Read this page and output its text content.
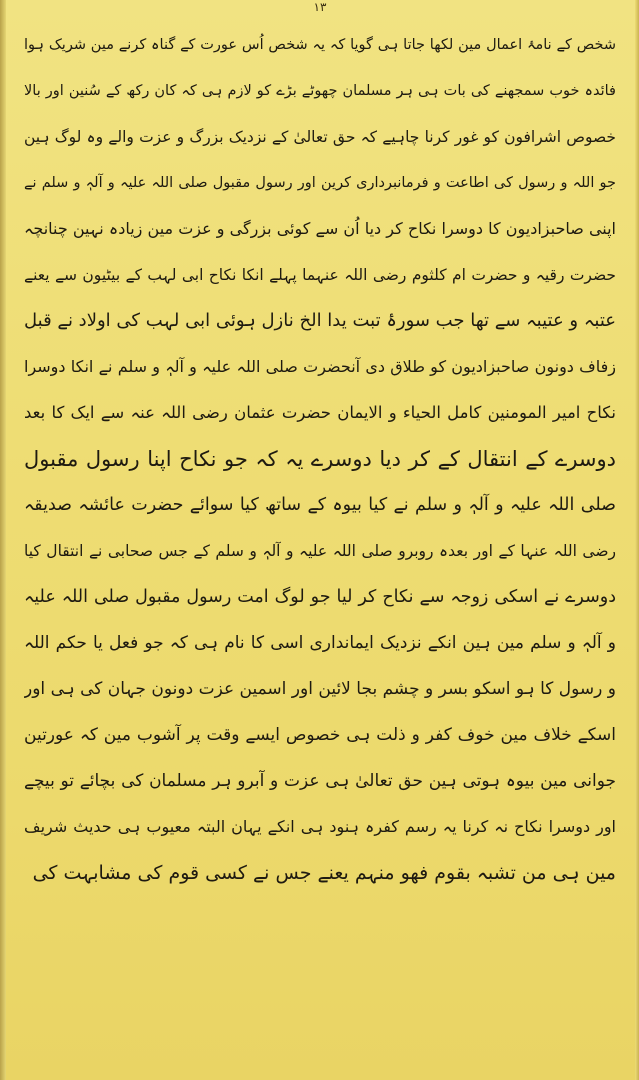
١٣
شخص کے نامۂ اعمال مین لکھا جاتا ہی گویا کہ یہ شخص اُس عورت کے گناہ کرنے مین شریک ہوا
فائدہ خوب سمجھنے کی بات ہی ہر مسلمان چھوٹے بڑے کو لازم ہی کہ کان رکھ کے سُنین اور بالا
خصوص اشرافون کو غور کرنا چاہیے کہ حق تعالیٰ کے نزدیک بزرگ و عزت والے وہ لوگ ہین
جو اللہ و رسول کی اطاعت و فرمانبرداری کرین اور رسول مقبول صلی اللہ علیہ و آلہٖ و سلم نے
اپنی صاحبزادیون کا دوسرا نکاح کر دیا اُن سے کوئی بزرگی و عزت مین زیادہ نہین چنانچہ
حضرت رقیہ و حضرت ام کلثوم رضی اللہ عنہما پہلے انکا نکاح ابی لہب کے بیٹیون سے یعنے
عتبہ و عتیبہ سے تھا جب سورۂ تبت یدا الخ نازل ہوئی ابی لہب کی اولاد نے قبل
زفاف دونون صاحبزادیون کو طلاق دی آنحضرت صلی اللہ علیہ و آلہٖ و سلم نے انکا دوسرا
نکاح امیر المومنین کامل الحیاء و الایمان حضرت عثمان رضی اللہ عنہ سے ایک کا بعد
دوسرے کے انتقال کے کر دیا دوسرے یہ کہ جو نکاح اپنا رسول مقبول
صلی اللہ علیہ و آلہٖ و سلم نے کیا بیوہ کے ساتھ کیا سوائے حضرت عائشہ صدیقہ
رضی اللہ عنہا کے اور بعدہ روبرو صلی اللہ علیہ و آلہٖ و سلم کے جس صحابی نے انتقال کیا
دوسرے نے اسکی زوجہ سے نکاح کر لیا جو لوگ امت رسول مقبول صلی اللہ علیہ
و آلہٖ و سلم مین ہین انکے نزدیک ایمانداری اسی کا نام ہی کہ جو فعل یا حکم اللہ
و رسول کا ہو اسکو بسر و چشم بجا لائین اور اسمین عزت دونون جہان کی ہی اور
اسکے خلاف مین خوف کفر و ذلت ہی خصوص ایسے وقت پر آشوب مین کہ عورتین
جوانی مین بیوہ ہوتی ہین حق تعالیٰ ہی عزت و آبرو ہر مسلمان کی بچائے تو بیچے
اور دوسرا نکاح نہ کرنا یہ رسم کفرہ ہنود ہی انکے یہان البتہ معیوب ہی حدیث شریف
مین ہی من تشبہ بقوم فھو منہم یعنے جس نے کسی قوم کی مشابہت کی
